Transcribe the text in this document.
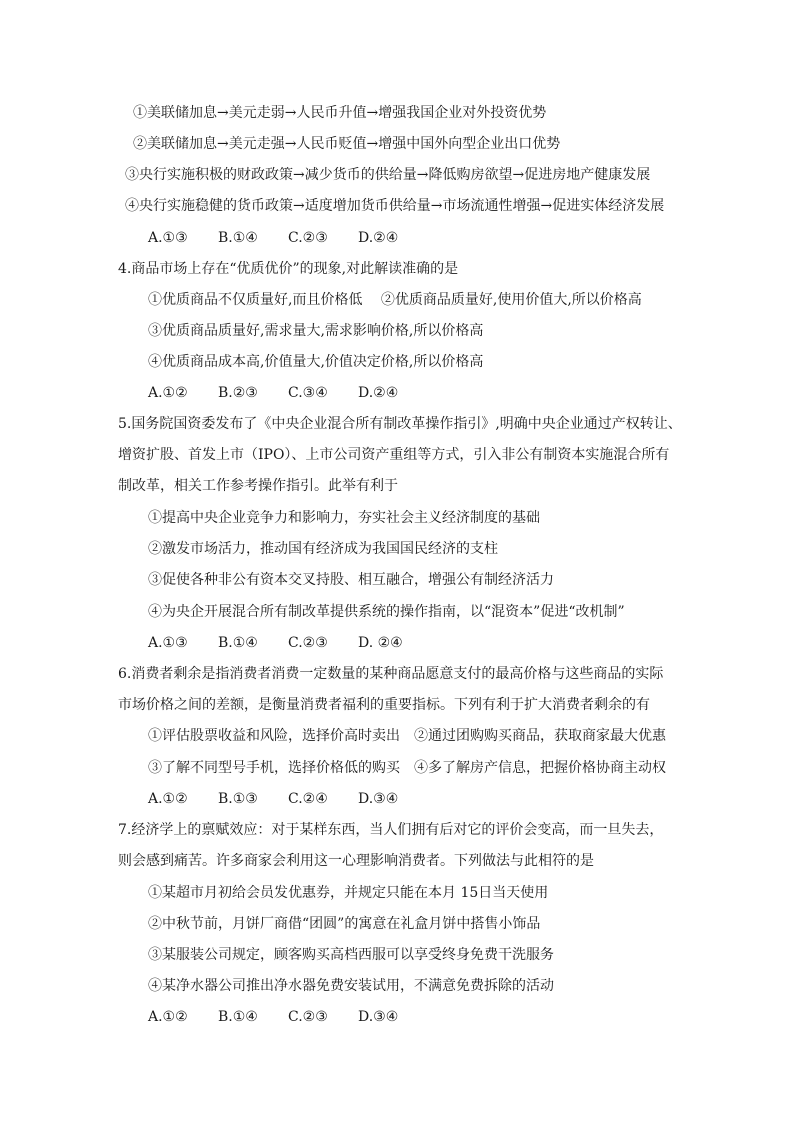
①美联储加息→美元走弱→人民币升值→增强我国企业对外投资优势
②美联储加息→美元走强→人民币贬值→增强中国外向型企业出口优势
③央行实施积极的财政政策→减少货币的供给量→降低购房欲望→促进房地产健康发展
④央行实施稳健的货币政策→适度增加货币供给量→市场流通性增强→促进实体经济发展
A.①③ B.①④ C.②③ D.②④
4.商品市场上存在“优质优价”的现象,对此解读准确的是
①优质商品不仅质量好,而且价格低　 ②优质商品质量好,使用价值大,所以价格高
③优质商品质量好,需求量大,需求影响价格,所以价格高
④优质商品成本高,价值量大,价值决定价格,所以价格高
A.①② B.②③ C.③④ D.②④
5.国务院国资委发布了《中央企业混合所有制改革操作指引》,明确中央企业通过产权转让、
增资扩股、首发上市（IPO）、上市公司资产重组等方式，引入非公有制资本实施混合所有
制改革，相关工作参考操作指引。此举有利于
①提高中央企业竞争力和影响力，夯实社会主义经济制度的基础
②激发市场活力，推动国有经济成为我国国民经济的支柱
③促使各种非公有资本交叉持股、相互融合，增强公有制经济活力
④为央企开展混合所有制改革提供系统的操作指南，以“混资本”促进“改机制”
A.①③ B.①④ C.②③ D. ②④
6.消费者剩余是指消费者消费一定数量的某种商品愿意支付的最高价格与这些商品的实际
市场价格之间的差额，是衡量消费者福利的重要指标。下列有利于扩大消费者剩余的有
①评估股票收益和风险，选择价高时卖出　②通过团购购买商品，获取商家最大优惠
③了解不同型号手机，选择价格低的购买　④多了解房产信息，把握价格协商主动权
A.①② B.①③ C.②④ D.③④
7.经济学上的禀赋效应：对于某样东西，当人们拥有后对它的评价会变高，而一旦失去，
则会感到痛苦。许多商家会利用这一心理影响消费者。下列做法与此相符的是
①某超市月初给会员发优惠券，并规定只能在本月 15日当天使用
②中秋节前，月饼厂商借“团圆”的寓意在礼盒月饼中搭售小饰品
③某服装公司规定，顾客购买高档西服可以享受终身免费干洗服务
④某净水器公司推出净水器免费安装试用，不满意免费拆除的活动
A.①② B.①④ C.②③ D.③④
